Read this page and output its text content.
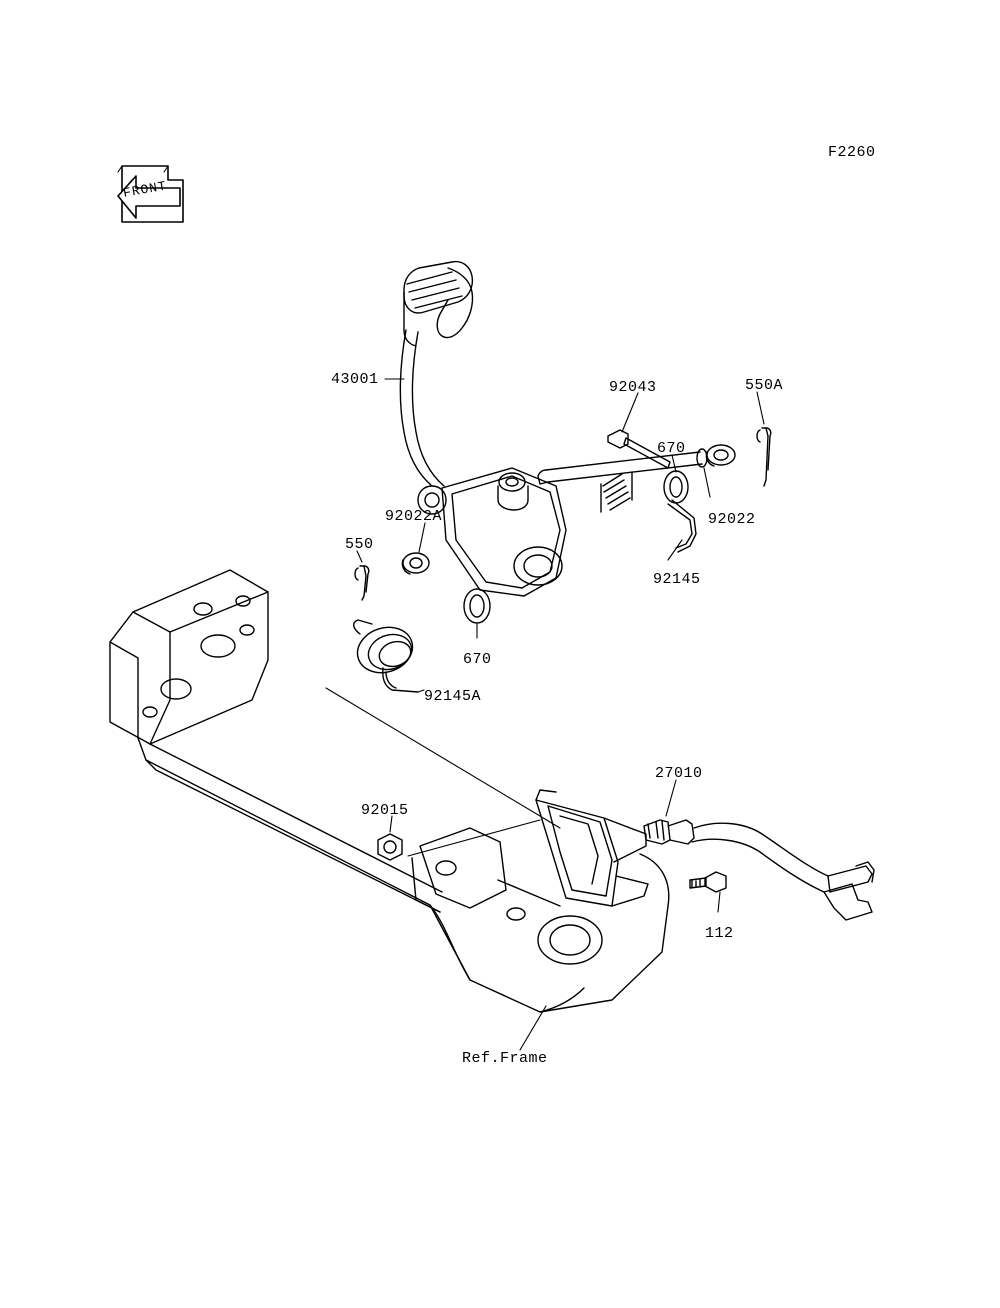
F2260
FRONT
43001	92043	550A
670
92022
92022A
550
92145
670
92145A
27010
92015
112
Ref.Frame
